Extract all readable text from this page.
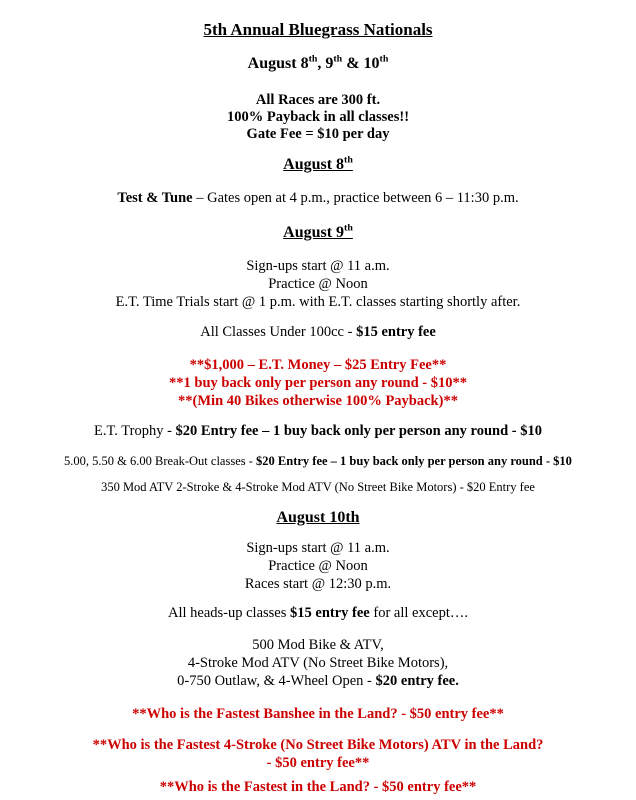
5th Annual Bluegrass Nationals
August 8th, 9th & 10th
All Races are 300 ft.
100% Payback in all classes!!
Gate Fee = $10 per day
August 8th
Test & Tune – Gates open at 4 p.m., practice between 6 – 11:30 p.m.
August 9th
Sign-ups start @ 11 a.m.
Practice @ Noon
E.T. Time Trials start @ 1 p.m. with E.T. classes starting shortly after.
All Classes Under 100cc - $15 entry fee
**$1,000 – E.T. Money – $25 Entry Fee**
**1 buy back only per person any round - $10**
**(Min 40 Bikes otherwise 100% Payback)**
E.T. Trophy - $20 Entry fee – 1 buy back only per person any round - $10
5.00, 5.50 & 6.00 Break-Out classes - $20 Entry fee – 1 buy back only per person any round - $10
350 Mod ATV 2-Stroke & 4-Stroke Mod ATV (No Street Bike Motors) - $20 Entry fee
August 10th
Sign-ups start @ 11 a.m.
Practice @ Noon
Races start @ 12:30 p.m.
All heads-up classes $15 entry fee for all except….
500 Mod Bike & ATV,
4-Stroke Mod ATV (No Street Bike Motors),
0-750 Outlaw, & 4-Wheel Open - $20 entry fee.
**Who is the Fastest Banshee in the Land? - $50 entry fee**
**Who is the Fastest 4-Stroke (No Street Bike Motors) ATV in the Land?
- $50 entry fee**
**Who is the Fastest in the Land? - $50 entry fee**
